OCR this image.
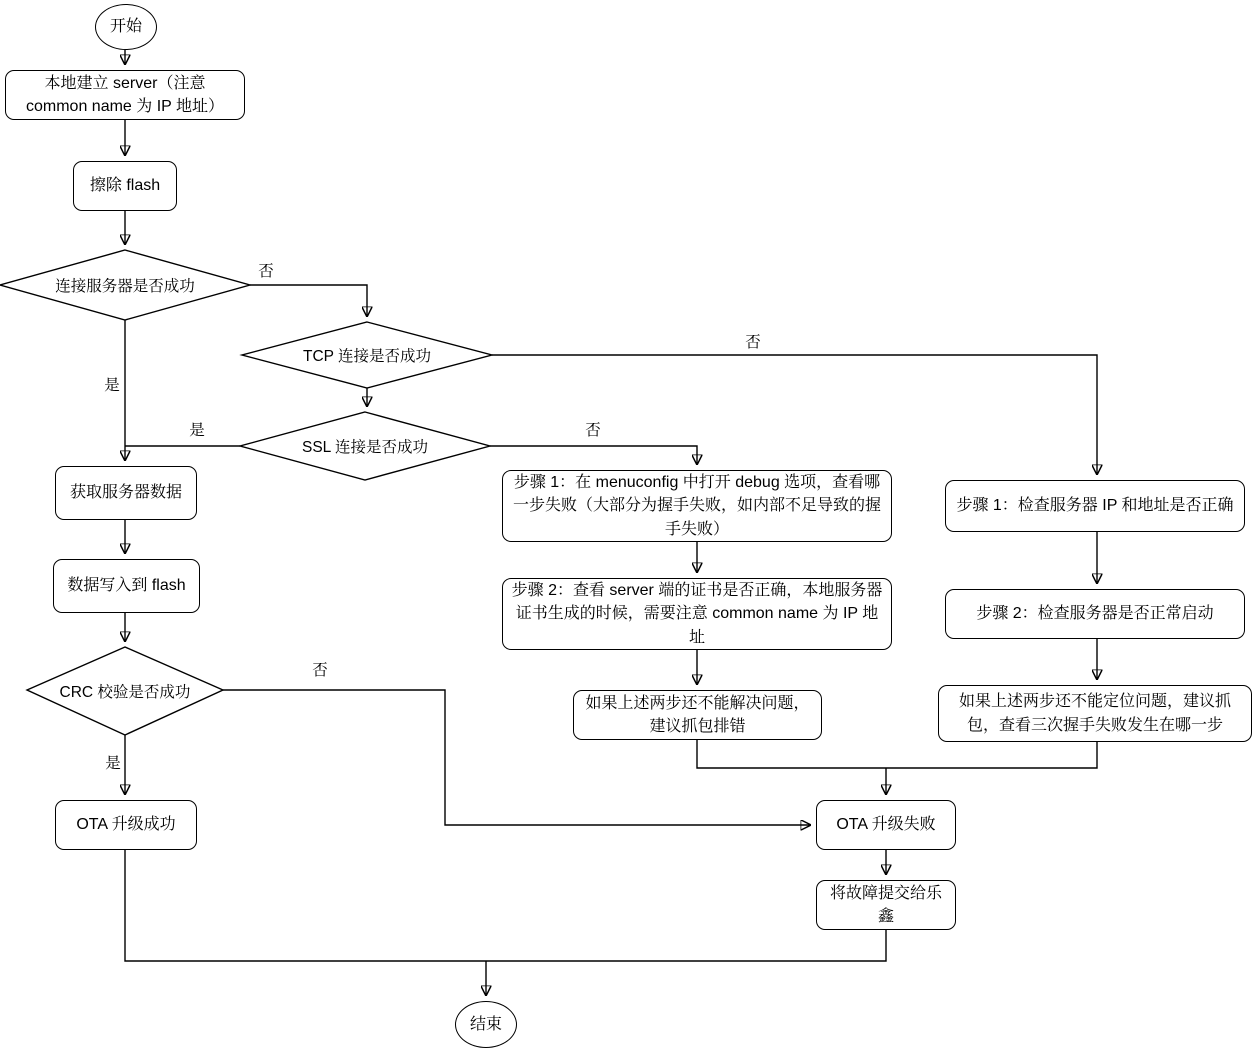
开始
本地建立 server（注意 common name 为 IP 地址）
擦除 flash
获取服务器数据
数据写入到 flash
OTA 升级成功
步骤 1：在 menuconfig 中打开 debug 选项，查看哪一步失败（大部分为握手失败，如内部不足导致的握手失败）
步骤 2：查看 server 端的证书是否正确，本地服务器证书生成的时候，需要注意 common name 为 IP 地址
如果上述两步还不能解决问题，建议抓包排错
步骤 1：检查服务器 IP 和地址是否正确
步骤 2：检查服务器是否正常启动
如果上述两步还不能定位问题，建议抓包，查看三次握手失败发生在哪一步
OTA 升级失败
将故障提交给乐鑫
结束
连接服务器是否成功
TCP 连接是否成功
SSL 连接是否成功
CRC 校验是否成功
否
是
否
是	否
否
是
